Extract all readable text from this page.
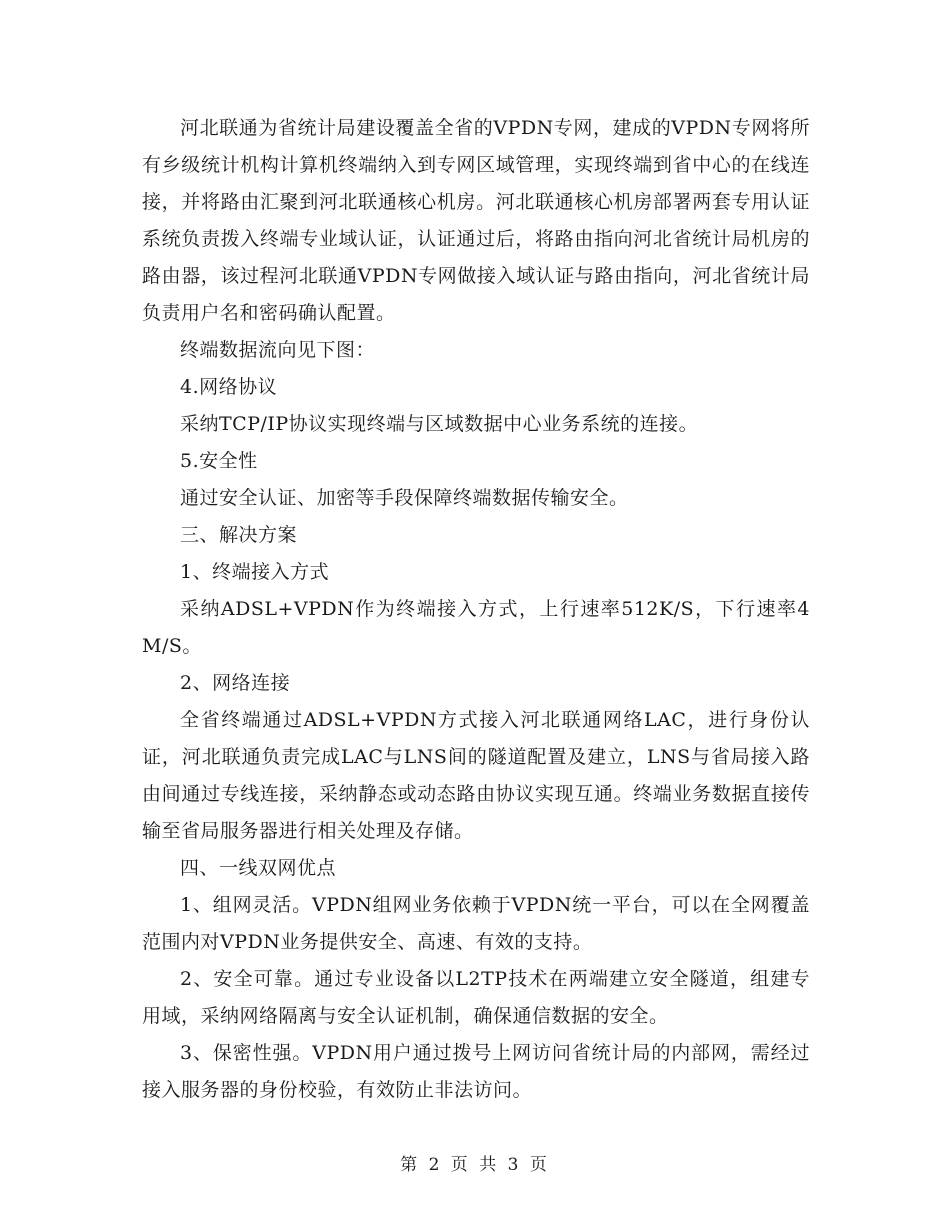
河北联通为省统计局建设覆盖全省的VPDN专网，建成的VPDN专网将所有乡级统计机构计算机终端纳入到专网区域管理，实现终端到省中心的在线连接，并将路由汇聚到河北联通核心机房。河北联通核心机房部署两套专用认证系统负责拨入终端专业域认证，认证通过后，将路由指向河北省统计局机房的路由器，该过程河北联通VPDN专网做接入域认证与路由指向，河北省统计局负责用户名和密码确认配置。

终端数据流向见下图：

4.网络协议

采纳TCP/IP协议实现终端与区域数据中心业务系统的连接。

5.安全性

通过安全认证、加密等手段保障终端数据传输安全。

三、解决方案

1、终端接入方式

采纳ADSL+VPDN作为终端接入方式，上行速率512K/S，下行速率4M/S。

2、网络连接

全省终端通过ADSL+VPDN方式接入河北联通网络LAC，进行身份认证，河北联通负责完成LAC与LNS间的隧道配置及建立，LNS与省局接入路由间通过专线连接，采纳静态或动态路由协议实现互通。终端业务数据直接传输至省局服务器进行相关处理及存储。

四、一线双网优点

1、组网灵活。VPDN组网业务依赖于VPDN统一平台，可以在全网覆盖范围内对VPDN业务提供安全、高速、有效的支持。

2、安全可靠。通过专业设备以L2TP技术在两端建立安全隧道，组建专用域，采纳网络隔离与安全认证机制，确保通信数据的安全。

3、保密性强。VPDN用户通过拨号上网访问省统计局的内部网，需经过接入服务器的身份校验，有效防止非法访问。

第 2 页 共 3 页
